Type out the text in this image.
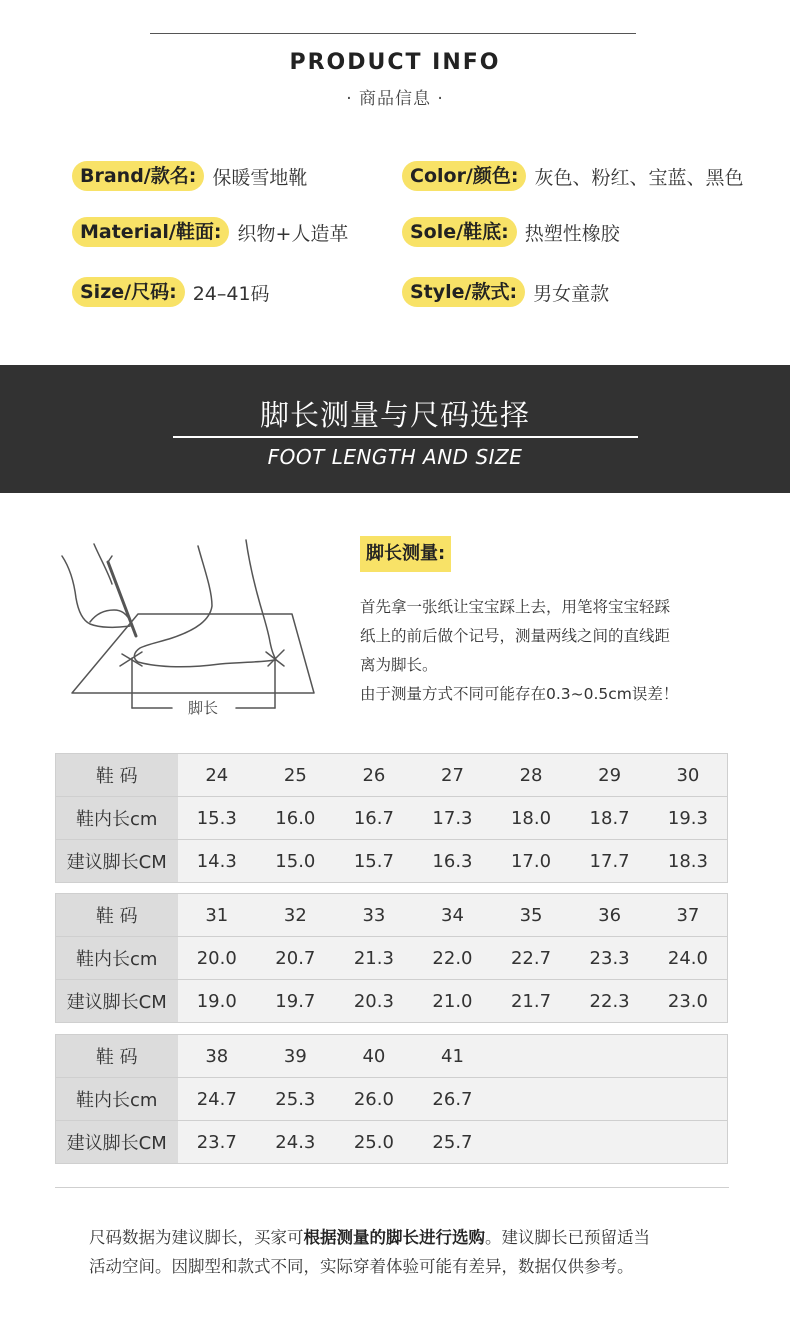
PRODUCT INFO
· 商品信息 ·
Brand/款名: 保暖雪地靴	Color/颜色: 灰色、粉红、宝蓝、黑色
Material/鞋面: 织物+人造革	Sole/鞋底: 热塑性橡胶
Size/尺码: 24–41码	Style/款式: 男女童款
脚长测量与尺码选择
FOOT LENGTH AND SIZE
脚长
脚长测量:
首先拿一张纸让宝宝踩上去，用笔将宝宝轻踩
纸上的前后做个记号，测量两线之间的直线距
离为脚长。
由于测量方式不同可能存在0.3~0.5cm误差！
鞋 码	24	25	26	27	28	29	30
鞋内长cm	15.3	16.0	16.7	17.3	18.0	18.7	19.3
建议脚长CM	14.3	15.0	15.7	16.3	17.0	17.7	18.3
鞋 码	31	32	33	34	35	36	37
鞋内长cm	20.0	20.7	21.3	22.0	22.7	23.3	24.0
建议脚长CM	19.0	19.7	20.3	21.0	21.7	22.3	23.0
鞋 码	38	39	40	41			
鞋内长cm	24.7	25.3	26.0	26.7			
建议脚长CM	23.7	24.3	25.0	25.7			
尺码数据为建议脚长，买家可根据测量的脚长进行选购。建议脚长已预留适当
活动空间。因脚型和款式不同，实际穿着体验可能有差异，数据仅供参考。
